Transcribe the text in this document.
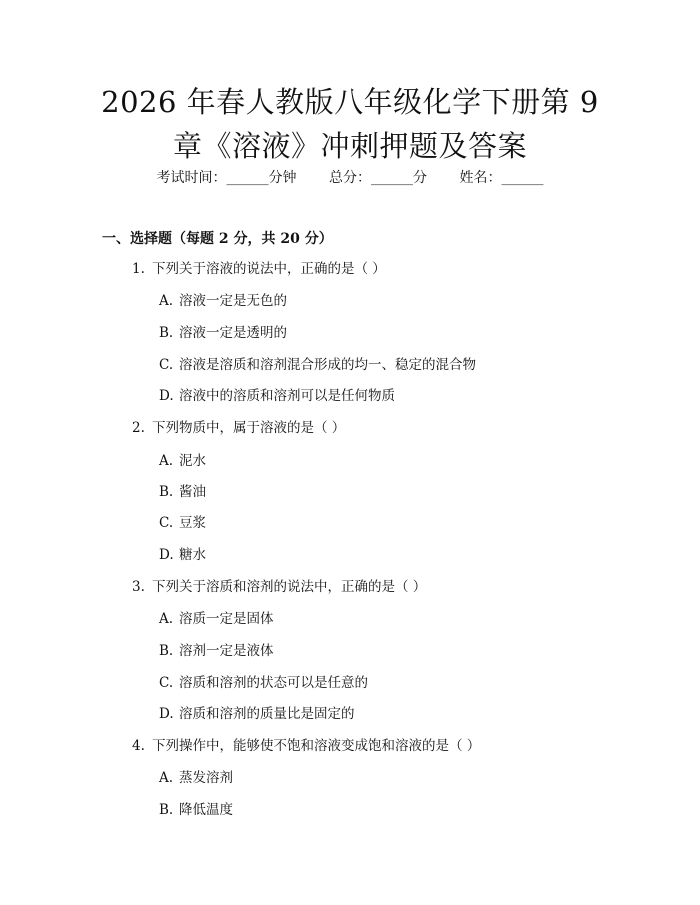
2026 年春人教版八年级化学下册第 9 章《溶液》冲刺押题及答案
考试时间：______分钟 总分：______分 姓名：______
一、选择题（每题 2 分，共 20 分）
1. 下列关于溶液的说法中，正确的是（ ）
A. 溶液一定是无色的
B. 溶液一定是透明的
C. 溶液是溶质和溶剂混合形成的均一、稳定的混合物
D. 溶液中的溶质和溶剂可以是任何物质
2. 下列物质中，属于溶液的是（ ）
A. 泥水
B. 酱油
C. 豆浆
D. 糖水
3. 下列关于溶质和溶剂的说法中，正确的是（ ）
A. 溶质一定是固体
B. 溶剂一定是液体
C. 溶质和溶剂的状态可以是任意的
D. 溶质和溶剂的质量比是固定的
4. 下列操作中，能够使不饱和溶液变成饱和溶液的是（ ）
A. 蒸发溶剂
B. 降低温度
